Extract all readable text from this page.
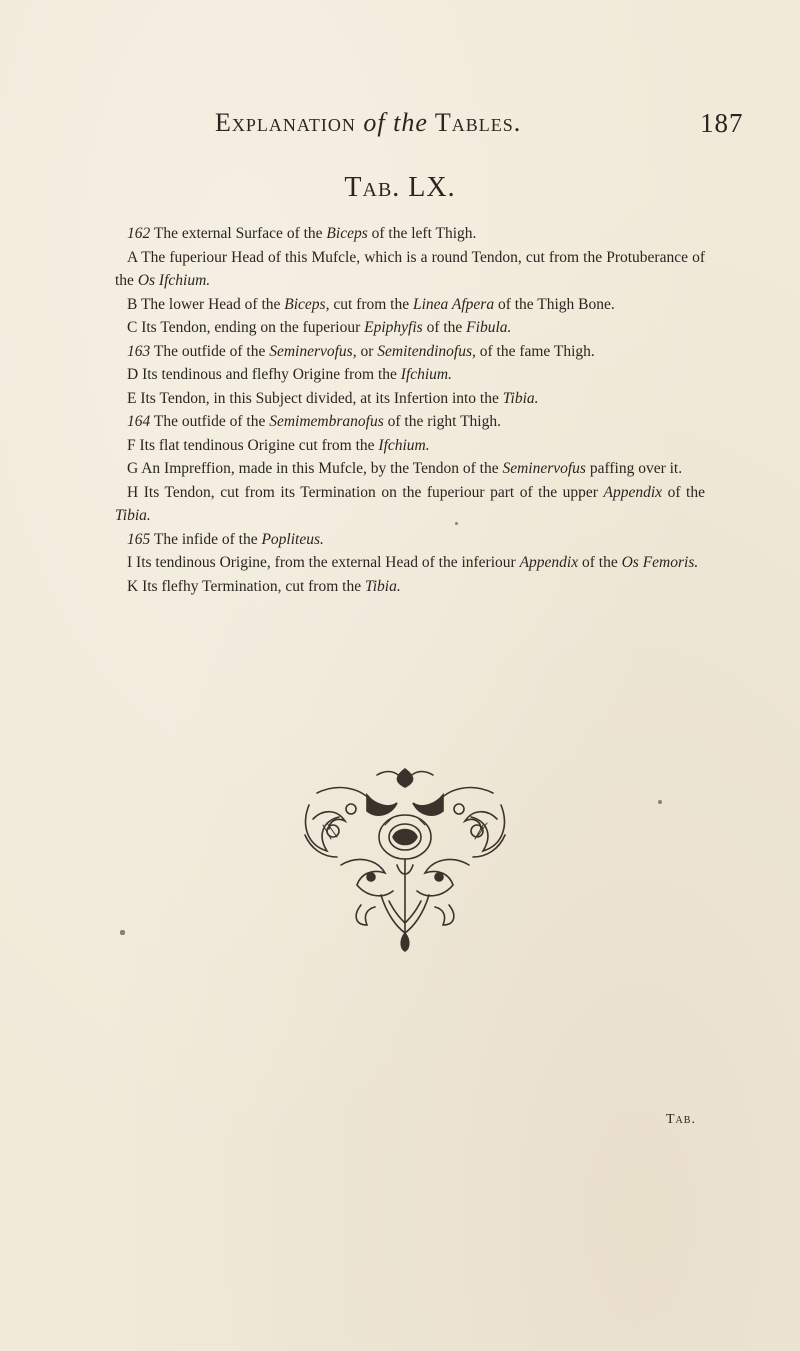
Explanation of the Tables.	187
Tab. LX.

162 The external Surface of the Biceps of the left Thigh.

A The fuperiour Head of this Mufcle, which is a round Tendon, cut from the Protuberance of the Os Ifchium.

B The lower Head of the Biceps, cut from the Linea Afpera of the Thigh Bone.

C Its Tendon, ending on the fuperiour Epiphyfis of the Fibula.

163 The outfide of the Seminervofus, or Semitendinofus, of the fame Thigh.

D Its tendinous and flefhy Origine from the Ifchium.

E Its Tendon, in this Subject divided, at its Infertion into the Tibia.

164 The outfide of the Semimembranofus of the right Thigh.

F Its flat tendinous Origine cut from the Ifchium.

G An Impreffion, made in this Mufcle, by the Tendon of the Seminervofus paffing over it.

H Its Tendon, cut from its Termination on the fuperiour part of the upper Appendix of the Tibia.

165 The infide of the Popliteus.

I Its tendinous Origine, from the external Head of the inferiour Appendix of the Os Femoris.

K Its flefhy Termination, cut from the Tibia.

Tab.
